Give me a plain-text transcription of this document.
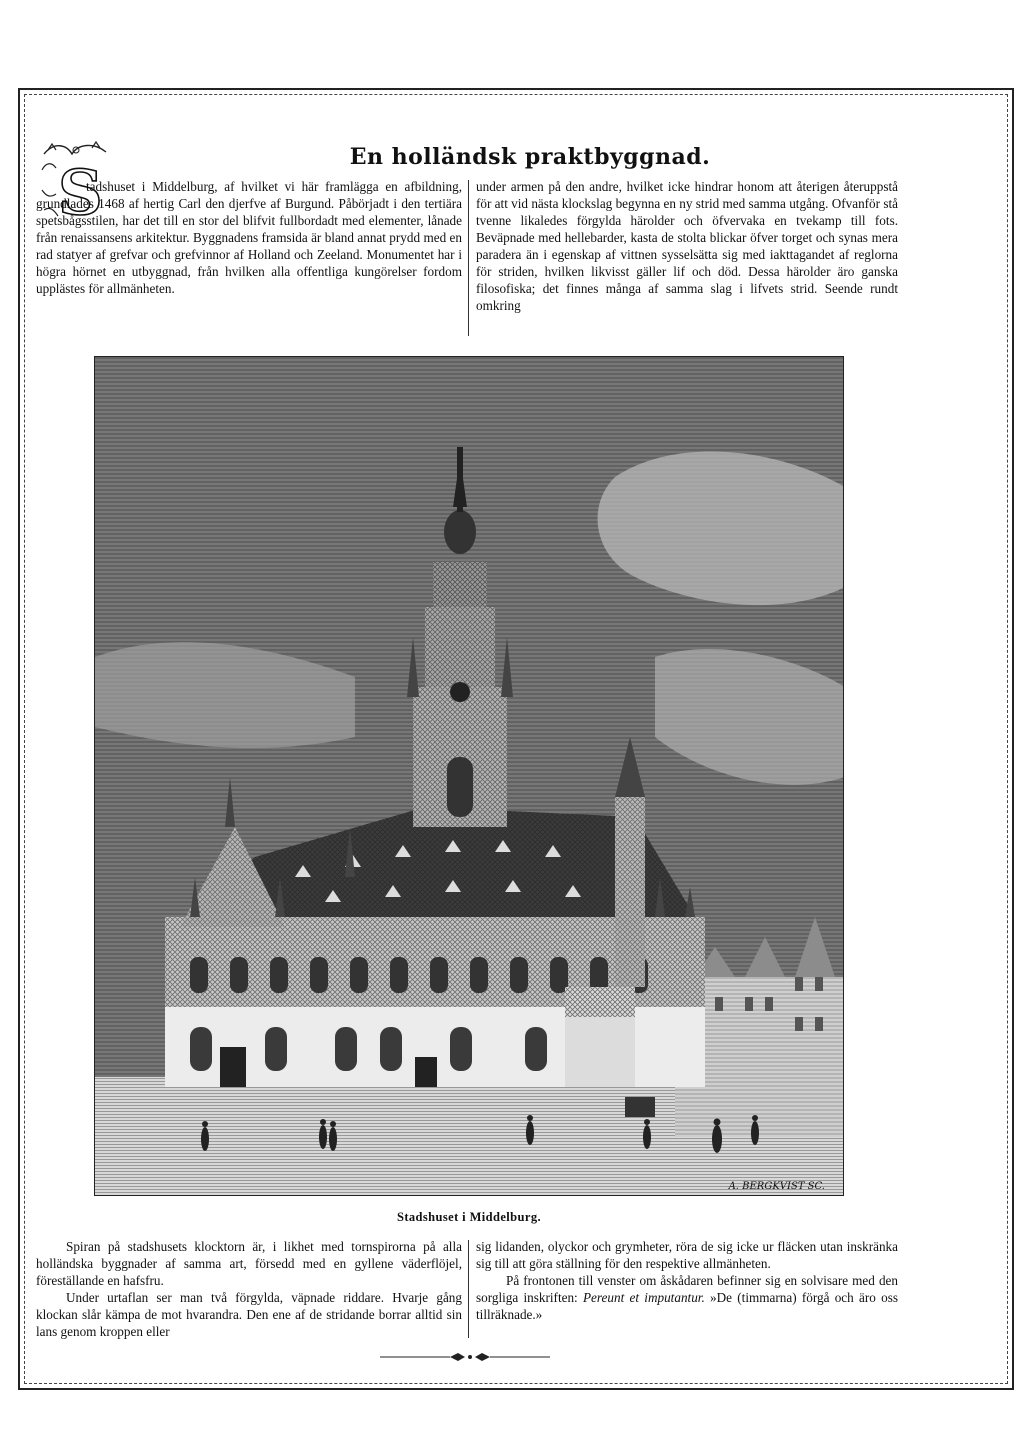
S	En holländsk praktbyggnad.

tadshuset i Middelburg, af hvilket vi här framlägga en afbildning, grundlades 1468 af hertig Carl den djerfve af Burgund. Påbörjadt i den tertiära spetsbågsstilen, har det till en stor del blifvit fullbordadt med elementer, lånade från renaissansens arkitektur. Byggnadens framsida är bland annat prydd med en rad statyer af grefvar och grefvinnor af Holland och Zeeland. Monumentet har i högra hörnet en utbyggnad, från hvilken alla offentliga kungörelser fordom upplästes för allmänheten.

under armen på den andre, hvilket icke hindrar honom att återigen återuppstå för att vid nästa klockslag begynna en ny strid med samma utgång. Ofvanför stå tvenne likaledes förgylda härolder och öfvervaka en tvekamp till fots. Beväpnade med hellebarder, kasta de stolta blickar öfver torget och synas mera paradera än i egenskap af vittnen sysselsätta sig med iakttagandet af reglorna för striden, hvilken likvisst gäller lif och död. Dessa härolder äro ganska filosofiska; det finnes många af samma slag i lifvets strid. Seende rundt omkring

A. BERGKVIST SC.
Stadshuset i Middelburg.

Spiran på stadshusets klocktorn är, i likhet med tornspirorna på alla holländska byggnader af samma art, försedd med en gyllene väderflöjel, föreställande en hafsfru.

Under urtaflan ser man två förgylda, väpnade riddare. Hvarje gång klockan slår kämpa de mot hvarandra. Den ene af de stridande borrar alltid sin lans genom kroppen eller

sig lidanden, olyckor och grymheter, röra de sig icke ur fläcken utan inskränka sig till att göra ställning för den respektive allmänheten.

På frontonen till venster om åskådaren befinner sig en solvisare med den sorgliga inskriften: Pereunt et imputantur. »De (timmarna) förgå och äro oss tillräknade.»
